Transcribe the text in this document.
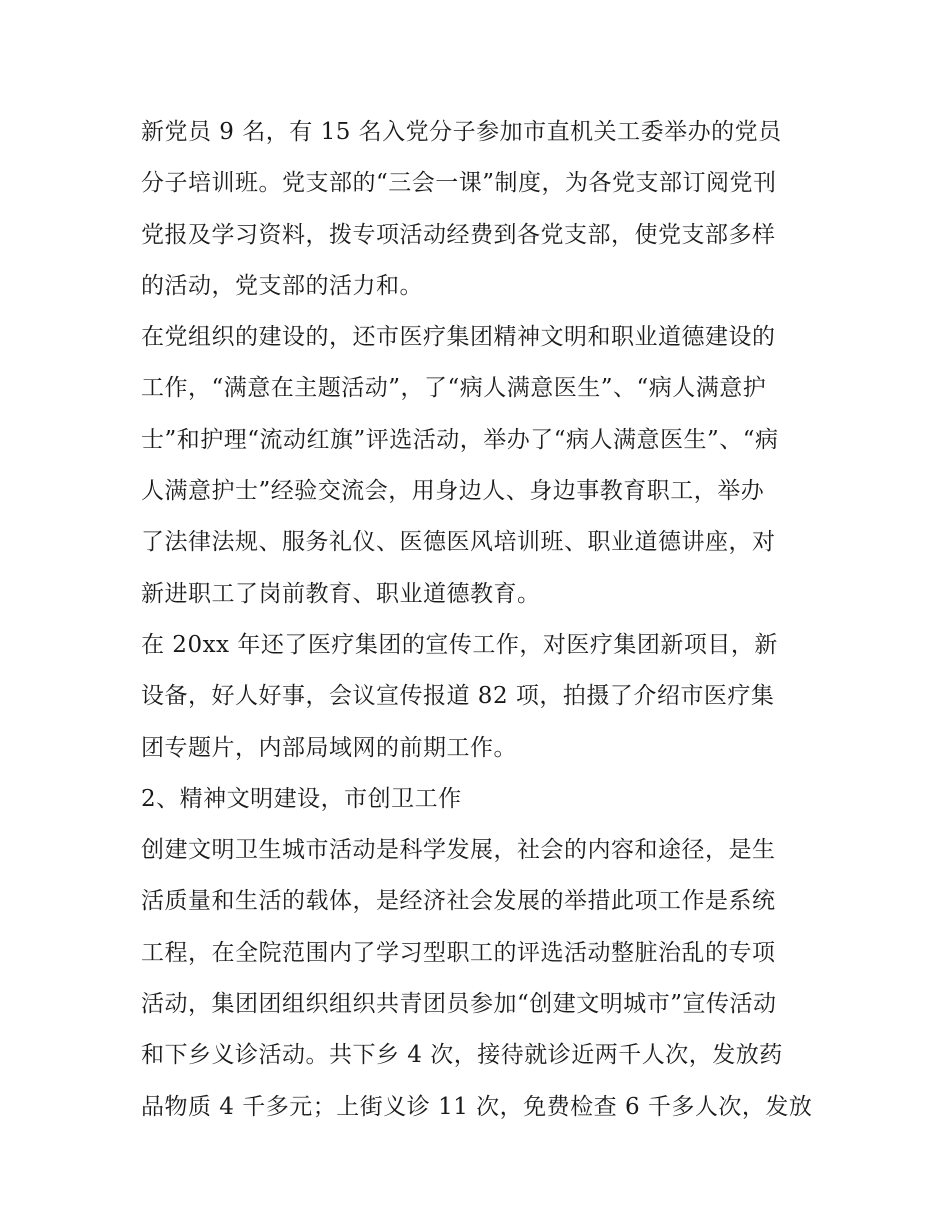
新党员 9 名，有 15 名入党分子参加市直机关工委举办的党员
分子培训班。党支部的“三会一课”制度，为各党支部订阅党刊
党报及学习资料，拨专项活动经费到各党支部，使党支部多样
的活动，党支部的活力和。
在党组织的建设的，还市医疗集团精神文明和职业道德建设的
工作，“满意在主题活动”，了“病人满意医生”、“病人满意护
士”和护理“流动红旗”评选活动，举办了“病人满意医生”、“病
人满意护士”经验交流会，用身边人、身边事教育职工，举办
了法律法规、服务礼仪、医德医风培训班、职业道德讲座，对
新进职工了岗前教育、职业道德教育。
在 20xx 年还了医疗集团的宣传工作，对医疗集团新项目，新
设备，好人好事，会议宣传报道 82 项，拍摄了介绍市医疗集
团专题片，内部局域网的前期工作。
2、精神文明建设，市创卫工作
创建文明卫生城市活动是科学发展，社会的内容和途径，是生
活质量和生活的载体，是经济社会发展的举措此项工作是系统
工程，在全院范围内了学习型职工的评选活动整脏治乱的专项
活动，集团团组织组织共青团员参加“创建文明城市”宣传活动
和下乡义诊活动。共下乡 4 次，接待就诊近两千人次，发放药
品物质 4 千多元；上街义诊 11 次，免费检查 6 千多人次，发放
